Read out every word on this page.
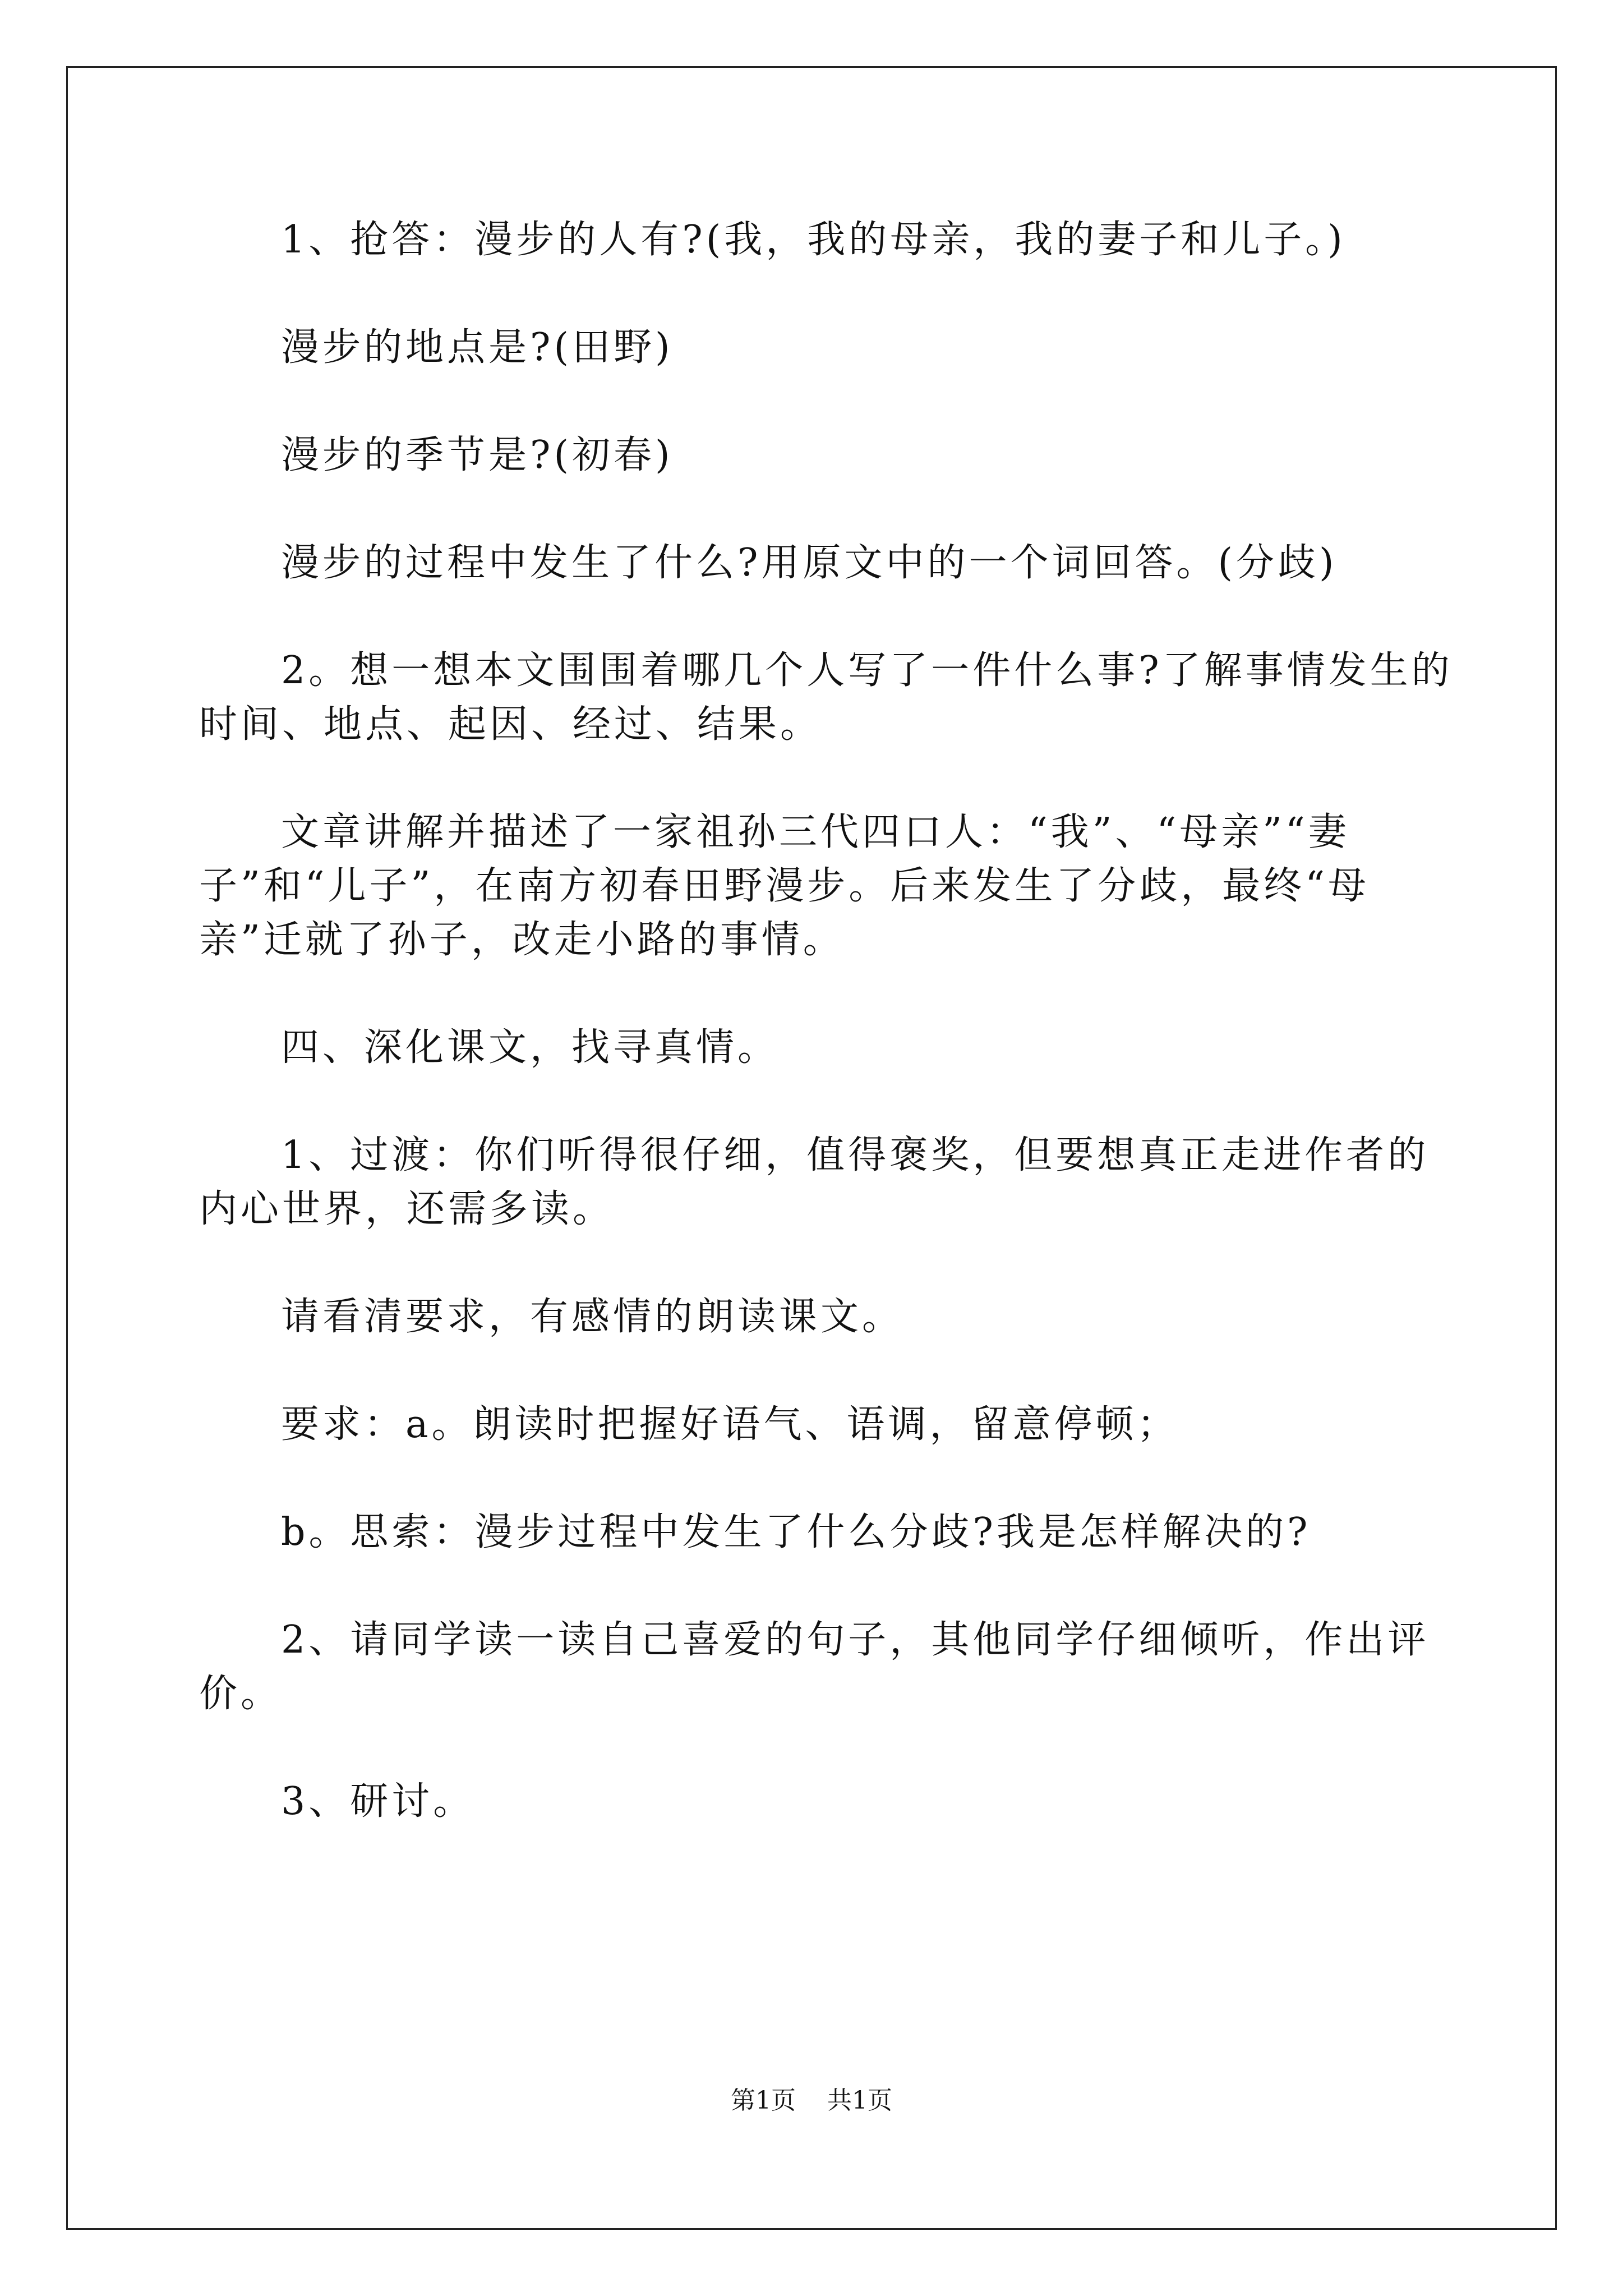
1、抢答：漫步的人有?(我，我的母亲，我的妻子和儿子。)

漫步的地点是?(田野)

漫步的季节是?(初春)

漫步的过程中发生了什么?用原文中的一个词回答。(分歧)

2。想一想本文围围着哪几个人写了一件什么事?了解事情发生的时间、地点、起因、经过、结果。

文章讲解并描述了一家祖孙三代四口人：“我”、“母亲”“妻子”和“儿子”，在南方初春田野漫步。后来发生了分歧，最终“母亲”迁就了孙子，改走小路的事情。

四、深化课文，找寻真情。

1、过渡：你们听得很仔细，值得褒奖，但要想真正走进作者的内心世界，还需多读。

请看清要求，有感情的朗读课文。

要求：a。朗读时把握好语气、语调，留意停顿；

b。思索：漫步过程中发生了什么分歧?我是怎样解决的?

2、请同学读一读自己喜爱的句子，其他同学仔细倾听，作出评价。

3、研讨。

第1页 共1页
